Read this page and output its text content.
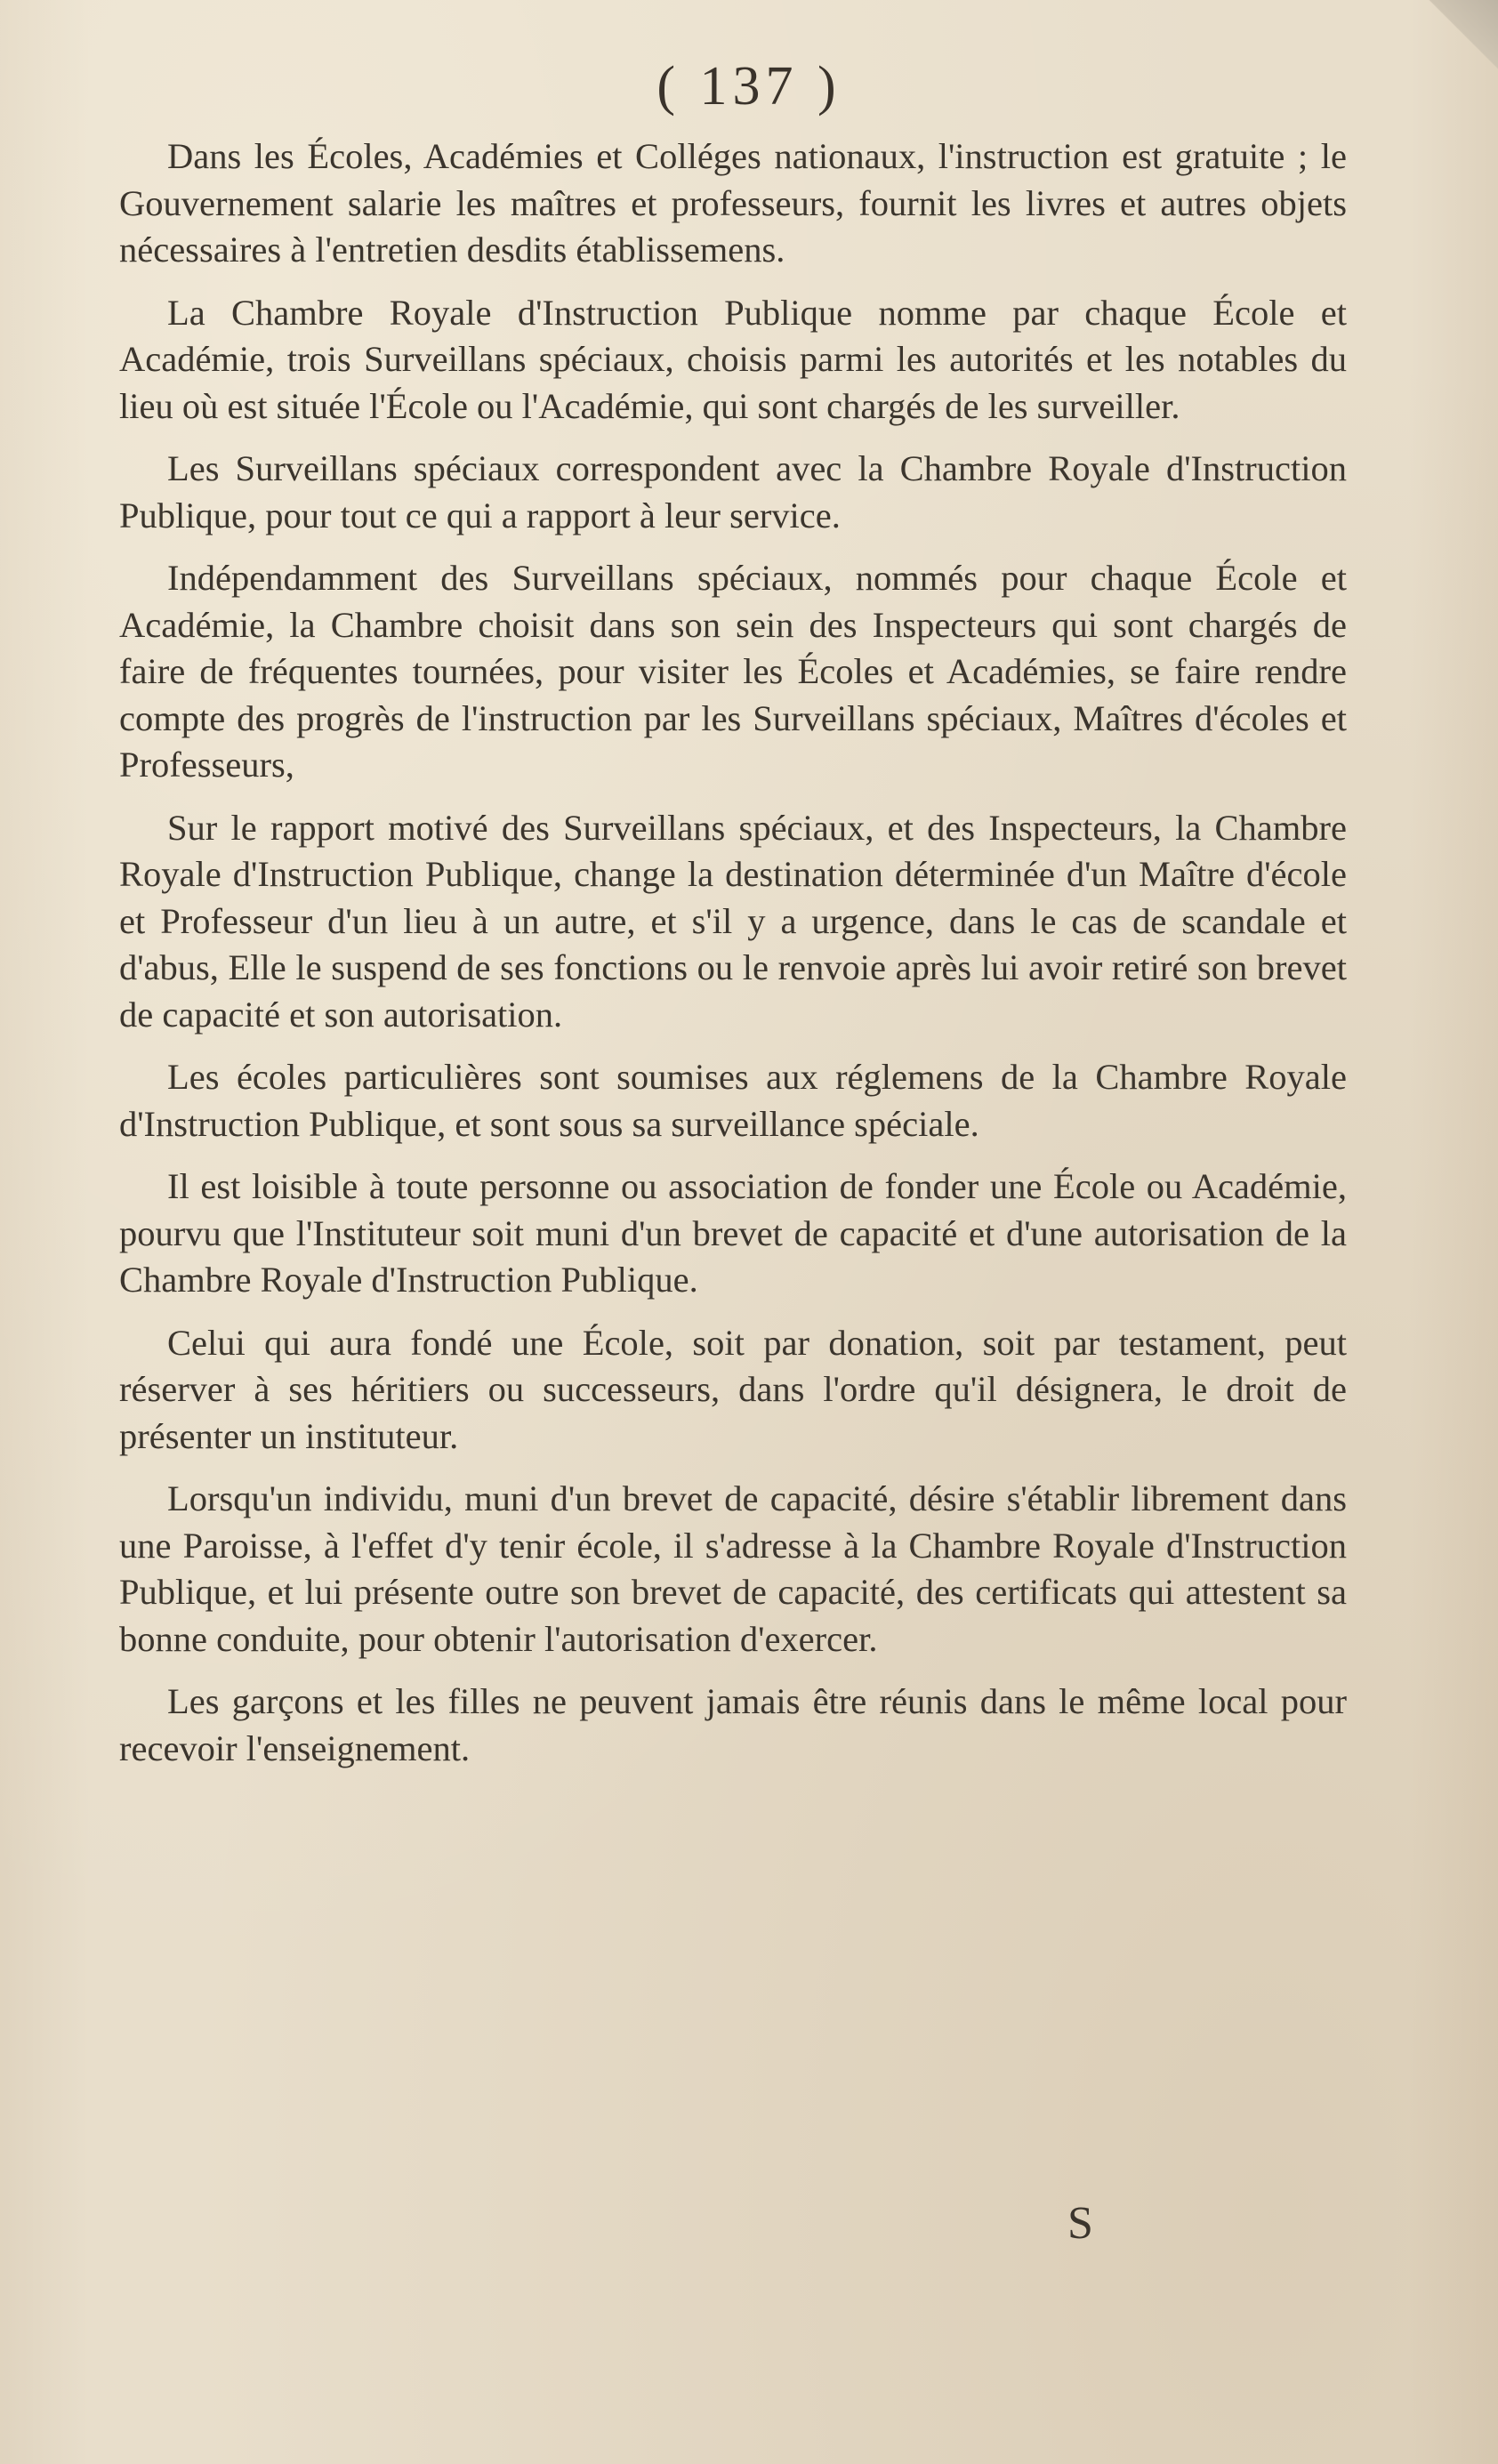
( 137 )

Dans les Écoles, Académies et Colléges nationaux, l'instruction est gratuite ; le Gouvernement salarie les maîtres et professeurs, fournit les livres et autres objets nécessaires à l'entretien desdits établissemens.

La Chambre Royale d'Instruction Publique nomme par chaque École et Académie, trois Surveillans spéciaux, choisis parmi les autorités et les notables du lieu où est située l'École ou l'Académie, qui sont chargés de les surveiller.

Les Surveillans spéciaux correspondent avec la Chambre Royale d'Instruction Publique, pour tout ce qui a rapport à leur service.

Indépendamment des Surveillans spéciaux, nommés pour chaque École et Académie, la Chambre choisit dans son sein des Inspecteurs qui sont chargés de faire de fréquentes tournées, pour visiter les Écoles et Académies, se faire rendre compte des progrès de l'instruction par les Surveillans spéciaux, Maîtres d'écoles et Professeurs,

Sur le rapport motivé des Surveillans spéciaux, et des Inspecteurs, la Chambre Royale d'Instruction Publique, change la destination déterminée d'un Maître d'école et Professeur d'un lieu à un autre, et s'il y a urgence, dans le cas de scandale et d'abus, Elle le suspend de ses fonctions ou le renvoie après lui avoir retiré son brevet de capacité et son autorisation.

Les écoles particulières sont soumises aux réglemens de la Chambre Royale d'Instruction Publique, et sont sous sa surveillance spéciale.

Il est loisible à toute personne ou association de fonder une École ou Académie, pourvu que l'Instituteur soit muni d'un brevet de capacité et d'une autorisation de la Chambre Royale d'Instruction Publique.

Celui qui aura fondé une École, soit par donation, soit par testament, peut réserver à ses héritiers ou successeurs, dans l'ordre qu'il désignera, le droit de présenter un instituteur.

Lorsqu'un individu, muni d'un brevet de capacité, désire s'établir librement dans une Paroisse, à l'effet d'y tenir école, il s'adresse à la Chambre Royale d'Instruction Publique, et lui présente outre son brevet de capacité, des certificats qui attestent sa bonne conduite, pour obtenir l'autorisation d'exercer.

Les garçons et les filles ne peuvent jamais être réunis dans le même local pour recevoir l'enseignement.

S
